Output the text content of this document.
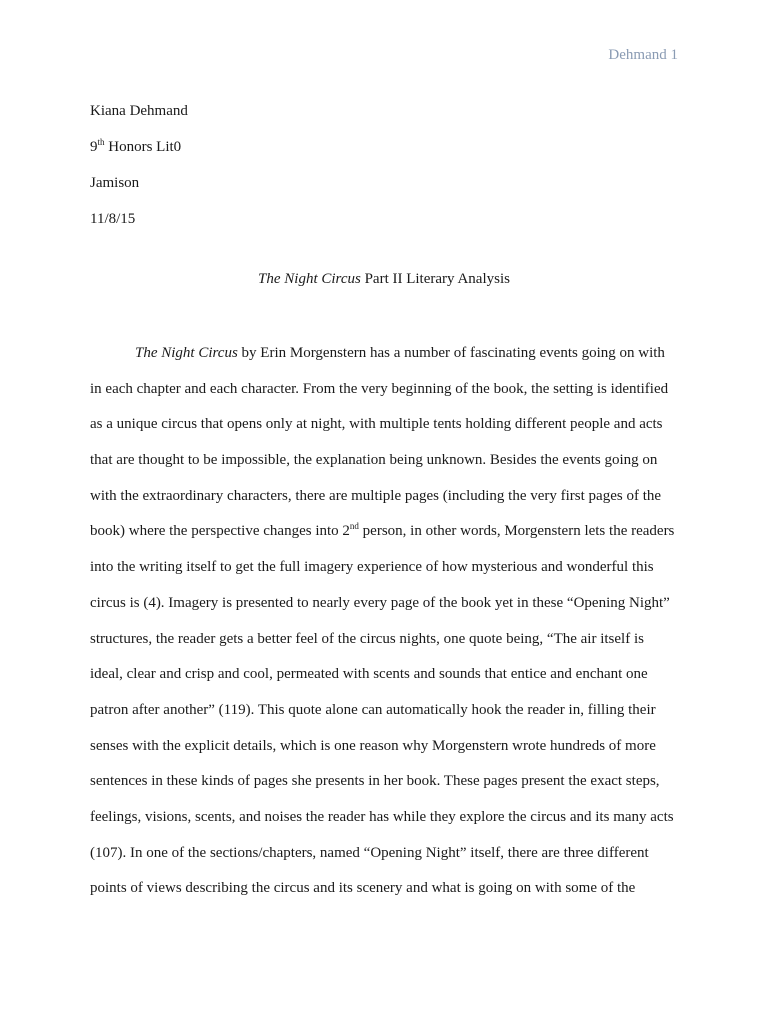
Dehmand 1
Kiana Dehmand
9th Honors Lit0
Jamison
11/8/15
The Night Circus Part II Literary Analysis
The Night Circus by Erin Morgenstern has a number of fascinating events going on with
in each chapter and each character. From the very beginning of the book, the setting is identified
as a unique circus that opens only at night, with multiple tents holding different people and acts
that are thought to be impossible, the explanation being unknown. Besides the events going on
with the extraordinary characters, there are multiple pages (including the very first pages of the
book) where the perspective changes into 2nd person, in other words, Morgenstern lets the readers
into the writing itself to get the full imagery experience of how mysterious and wonderful this
circus is (4). Imagery is presented to nearly every page of the book yet in these “Opening Night”
structures, the reader gets a better feel of the circus nights, one quote being, “The air itself is
ideal, clear and crisp and cool, permeated with scents and sounds that entice and enchant one
patron after another” (119). This quote alone can automatically hook the reader in, filling their
senses with the explicit details, which is one reason why Morgenstern wrote hundreds of more
sentences in these kinds of pages she presents in her book. These pages present the exact steps,
feelings, visions, scents, and noises the reader has while they explore the circus and its many acts
(107). In one of the sections/chapters, named “Opening Night” itself, there are three different
points of views describing the circus and its scenery and what is going on with some of the
